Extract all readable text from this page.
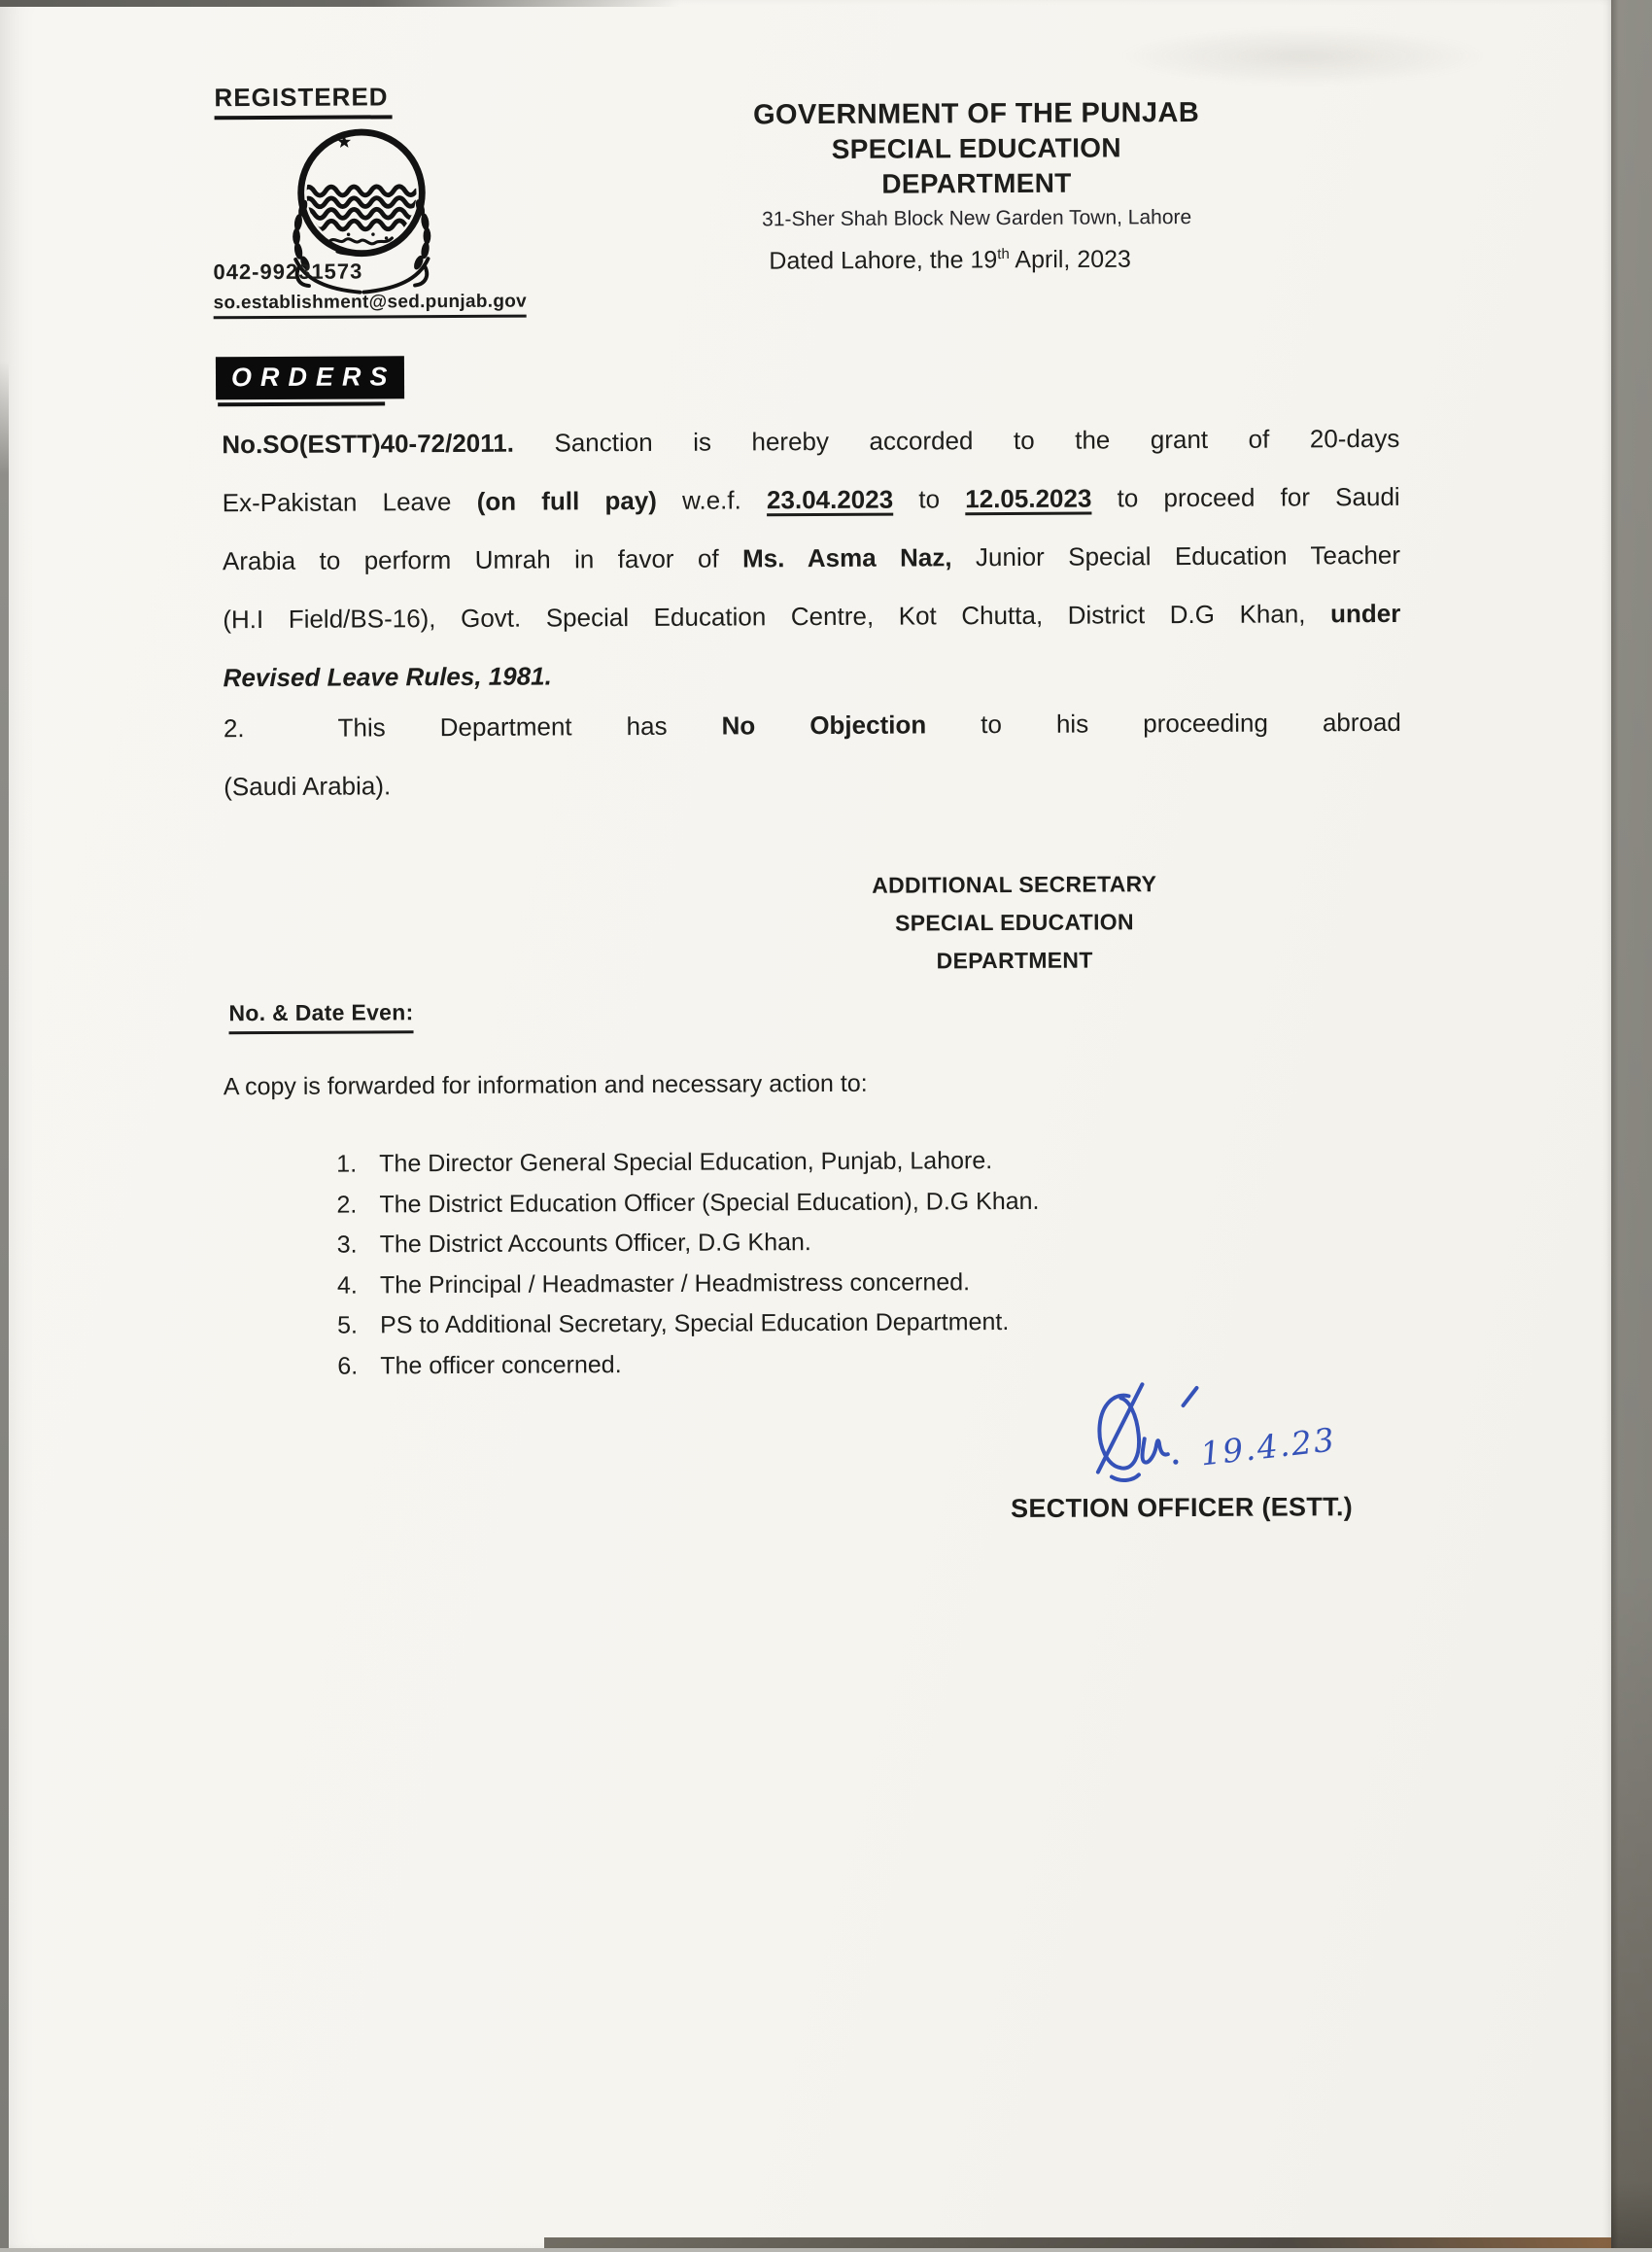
REGISTERED
042-99231573
so.establishment@sed.punjab.gov
GOVERNMENT OF THE PUNJAB
SPECIAL EDUCATION DEPARTMENT
31-Sher Shah Block New Garden Town, Lahore
Dated Lahore, the 19th April, 2023
ORDERS
No.SO(ESTT)40-72/2011. Sanction is hereby accorded to the grant of 20-days
Ex-Pakistan Leave (on full pay) w.e.f. 23.04.2023 to 12.05.2023 to proceed for Saudi
Arabia to perform Umrah in favor of Ms. Asma Naz, Junior Special Education Teacher
(H.I Field/BS-16), Govt. Special Education Centre, Kot Chutta, District D.G Khan, under
Revised Leave Rules, 1981.
2.	This Department has No Objection to his proceeding abroad
(Saudi Arabia).
ADDITIONAL SECRETARY
SPECIAL EDUCATION
DEPARTMENT
No. & Date Even:
A copy is forwarded for information and necessary action to:
1. The Director General Special Education, Punjab, Lahore.
2. The District Education Officer (Special Education), D.G Khan.
3. The District Accounts Officer, D.G Khan.
4. The Principal / Headmaster / Headmistress concerned.
5. PS to Additional Secretary, Special Education Department.
6. The officer concerned.
19.4.23
SECTION OFFICER (ESTT.)
